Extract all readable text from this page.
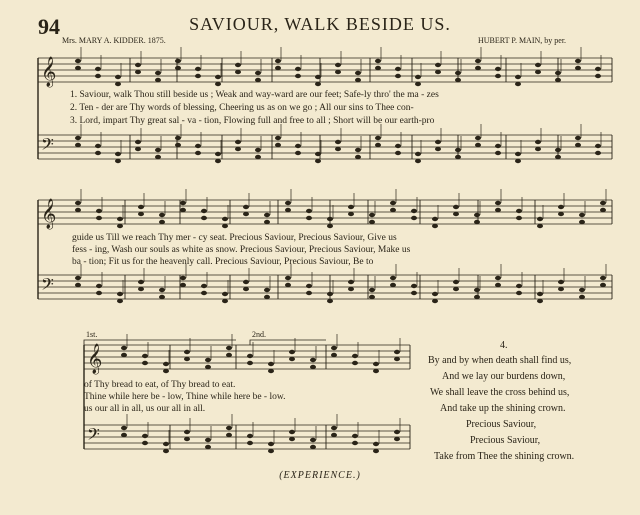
𝄞
𝄢
𝄞
𝄢
𝄞
𝄢
94	SAVIOUR, WALK BESIDE US.
Mrs. MARY A. KIDDER. 1875.	HUBERT P. MAIN, by per.
1. Saviour, walk Thou still beside us ; Weak and way-ward are our feet; Safe-ly thro' the ma - zes
2. Ten - der are Thy words of blessing, Cheering us as on we go ; All our sins to Thee con-
3. Lord, impart Thy great sal - va - tion, Flowing full and free to all ; Short will be our earth-pro
guide us Till we reach Thy mer - cy seat. Precious Saviour, Precious Saviour, Give us
fess - ing, Wash our souls as white as snow. Precious Saviour, Precious Saviour, Make us
ba - tion; Fit us for the heavenly call. Precious Saviour, Precious Saviour, Be to
1st.	2nd.
of Thy bread to eat, of Thy bread to eat.
Thine while here be - low, Thine while here be - low.
us our all in all, us our all in all.
4.
By and by when death shall find us,
And we lay our burdens down,
We shall leave the cross behind us,
And take up the shining crown.
Precious Saviour,
Precious Saviour,
Take from Thee the shining crown.
(EXPERIENCE.)
